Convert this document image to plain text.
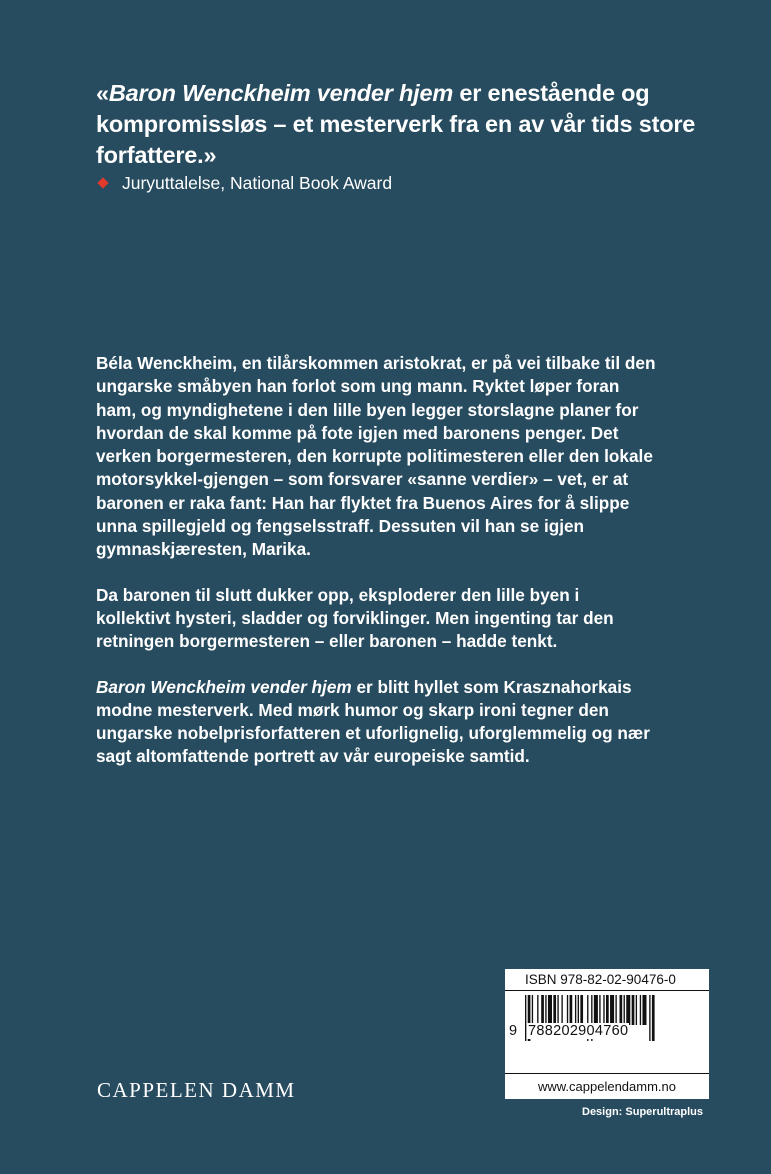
«Baron Wenckheim vender hjem er enestående og kompromissløs – et mesterverk fra en av vår tids store forfattere.»
Juryuttalelse, National Book Award

Béla Wenckheim, en tilårskommen aristokrat, er på vei tilbake til den ungarske småbyen han forlot som ung mann. Ryktet løper foran ham, og myndighetene i den lille byen legger storslagne planer for hvordan de skal komme på fote igjen med baronens penger. Det verken borgermesteren, den korrupte politimesteren eller den lokale motorsykkel-gjengen – som forsvarer «sanne verdier» – vet, er at baronen er raka fant: Han har flyktet fra Buenos Aires for å slippe unna spillegjeld og fengselsstraff. Dessuten vil han se igjen gymnaskjæresten, Marika.

Da baronen til slutt dukker opp, eksploderer den lille byen i kollektivt hysteri, sladder og forviklinger. Men ingenting tar den retningen borgermesteren – eller baronen – hadde tenkt.

Baron Wenckheim vender hjem er blitt hyllet som Krasznahorkais modne mesterverk. Med mørk humor og skarp ironi tegner den ungarske nobelprisforfatteren et uforlignelig, uforglemmelig og nær sagt altomfattende portrett av vår europeiske samtid.

CAPPELEN DAMM
ISBN 978-82-02-90476-0
9 788202904760
www.cappelendamm.no
Design: Superultraplus
